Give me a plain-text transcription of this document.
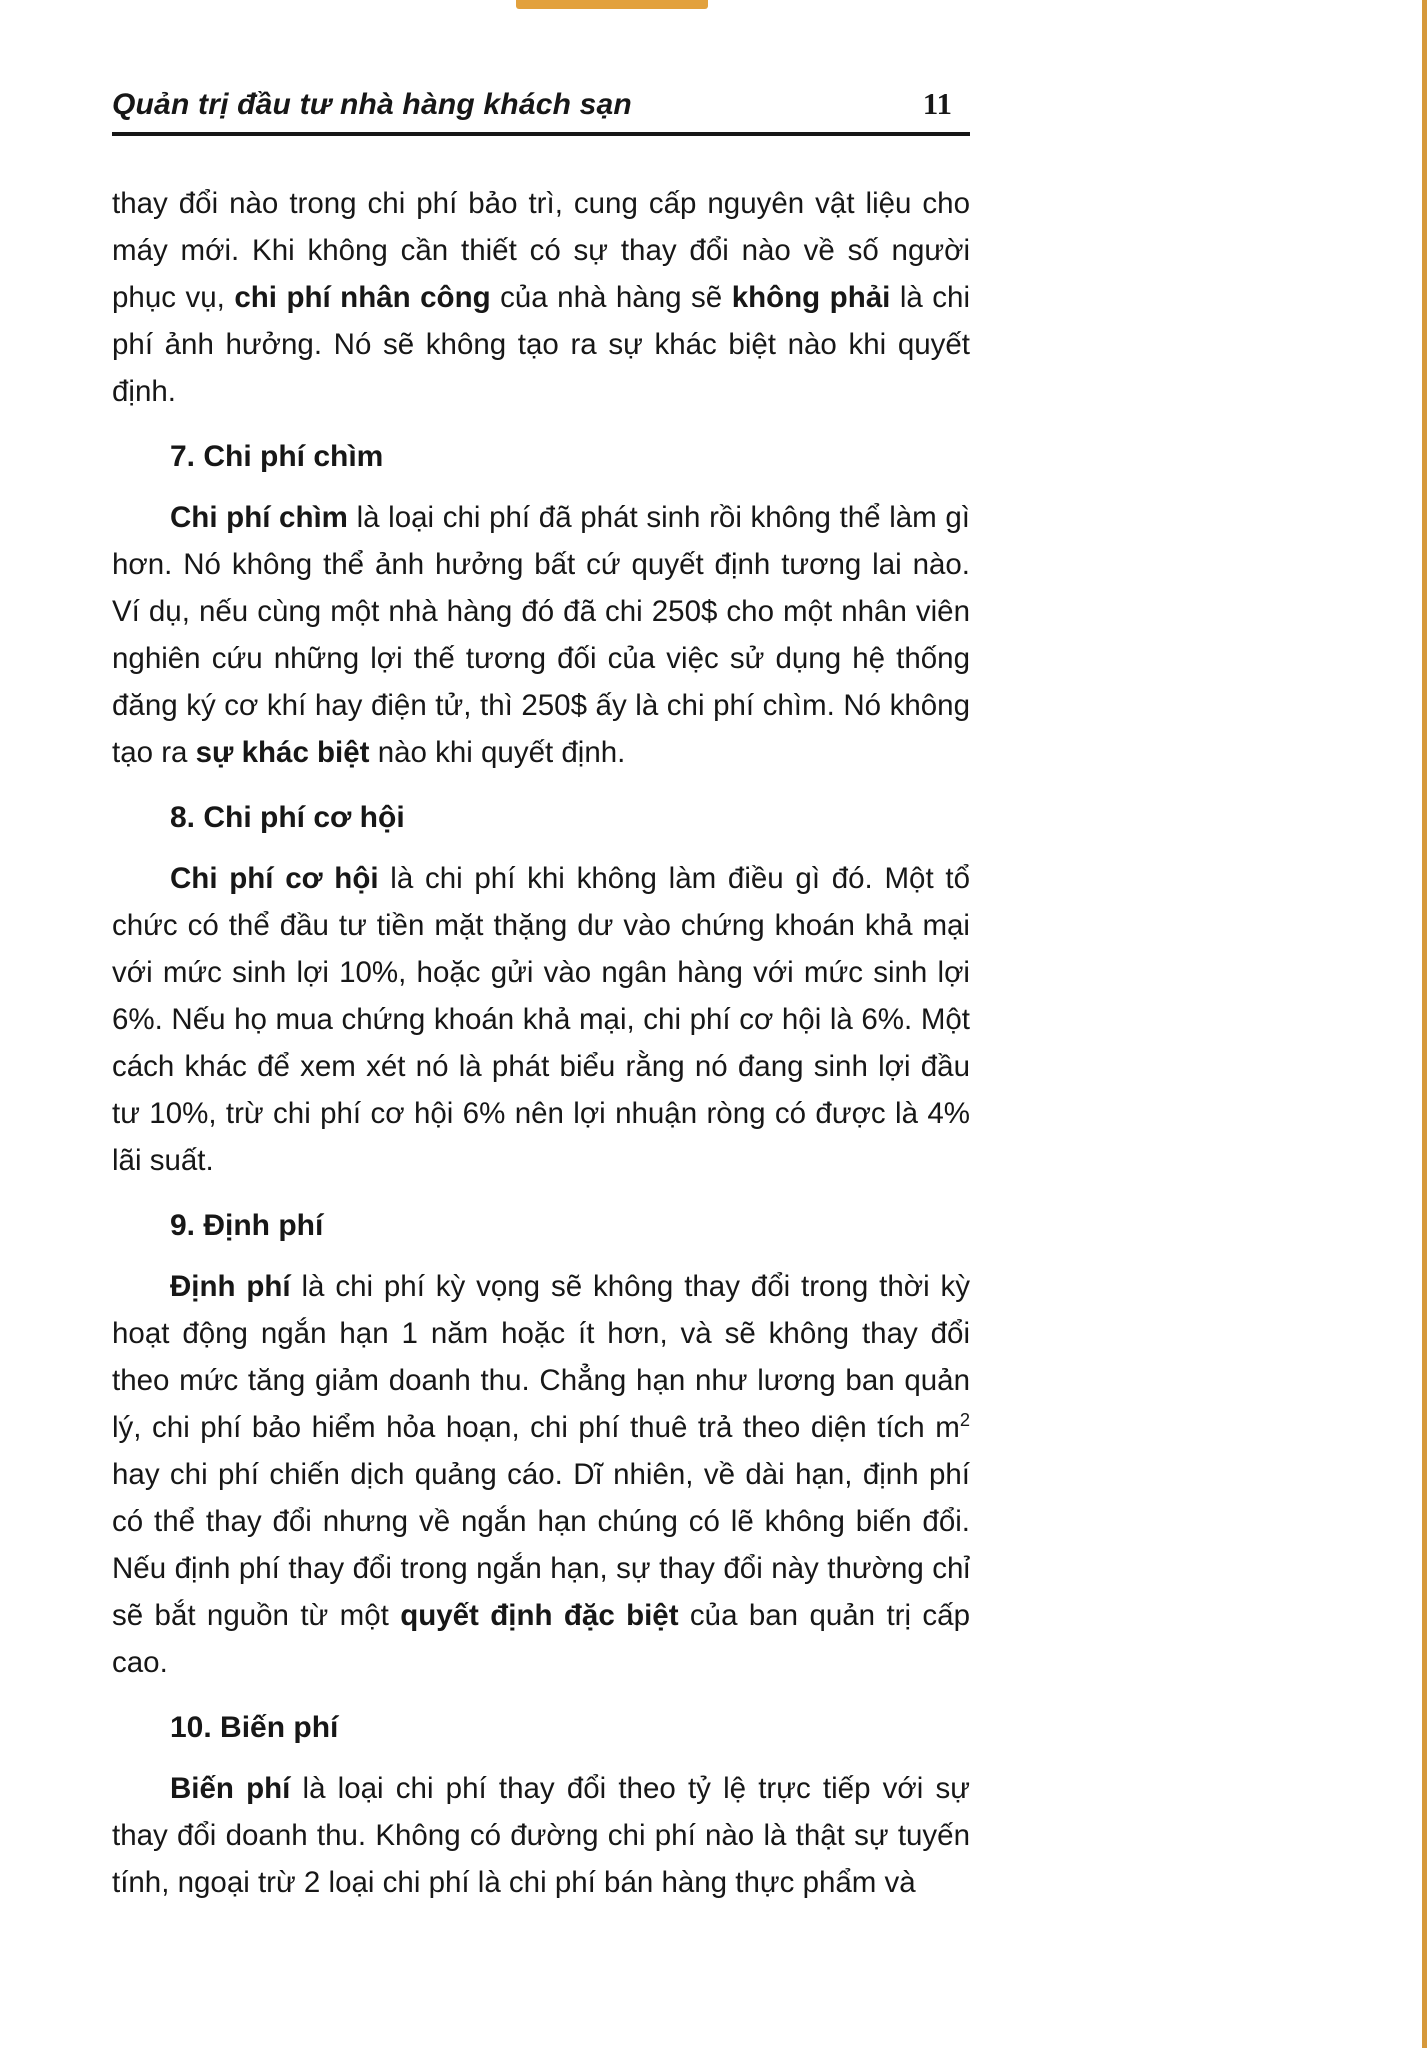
Quản trị đầu tư nhà hàng khách sạn	11

thay đổi nào trong chi phí bảo trì, cung cấp nguyên vật liệu cho máy mới. Khi không cần thiết có sự thay đổi nào về số người phục vụ, chi phí nhân công của nhà hàng sẽ không phải là chi phí ảnh hưởng. Nó sẽ không tạo ra sự khác biệt nào khi quyết định.

7. Chi phí chìm

Chi phí chìm là loại chi phí đã phát sinh rồi không thể làm gì hơn. Nó không thể ảnh hưởng bất cứ quyết định tương lai nào. Ví dụ, nếu cùng một nhà hàng đó đã chi 250$ cho một nhân viên nghiên cứu những lợi thế tương đối của việc sử dụng hệ thống đăng ký cơ khí hay điện tử, thì 250$ ấy là chi phí chìm. Nó không tạo ra sự khác biệt nào khi quyết định.

8. Chi phí cơ hội

Chi phí cơ hội là chi phí khi không làm điều gì đó. Một tổ chức có thể đầu tư tiền mặt thặng dư vào chứng khoán khả mại với mức sinh lợi 10%, hoặc gửi vào ngân hàng với mức sinh lợi 6%. Nếu họ mua chứng khoán khả mại, chi phí cơ hội là 6%. Một cách khác để xem xét nó là phát biểu rằng nó đang sinh lợi đầu tư 10%, trừ chi phí cơ hội 6% nên lợi nhuận ròng có được là 4% lãi suất.

9. Định phí

Định phí là chi phí kỳ vọng sẽ không thay đổi trong thời kỳ hoạt động ngắn hạn 1 năm hoặc ít hơn, và sẽ không thay đổi theo mức tăng giảm doanh thu. Chẳng hạn như lương ban quản lý, chi phí bảo hiểm hỏa hoạn, chi phí thuê trả theo diện tích $m^2$ hay chi phí chiến dịch quảng cáo. Dĩ nhiên, về dài hạn, định phí có thể thay đổi nhưng về ngắn hạn chúng có lẽ không biến đổi. Nếu định phí thay đổi trong ngắn hạn, sự thay đổi này thường chỉ sẽ bắt nguồn từ một quyết định đặc biệt của ban quản trị cấp cao.

10. Biến phí

Biến phí là loại chi phí thay đổi theo tỷ lệ trực tiếp với sự thay đổi doanh thu. Không có đường chi phí nào là thật sự tuyến tính, ngoại trừ 2 loại chi phí là chi phí bán hàng thực phẩm và
